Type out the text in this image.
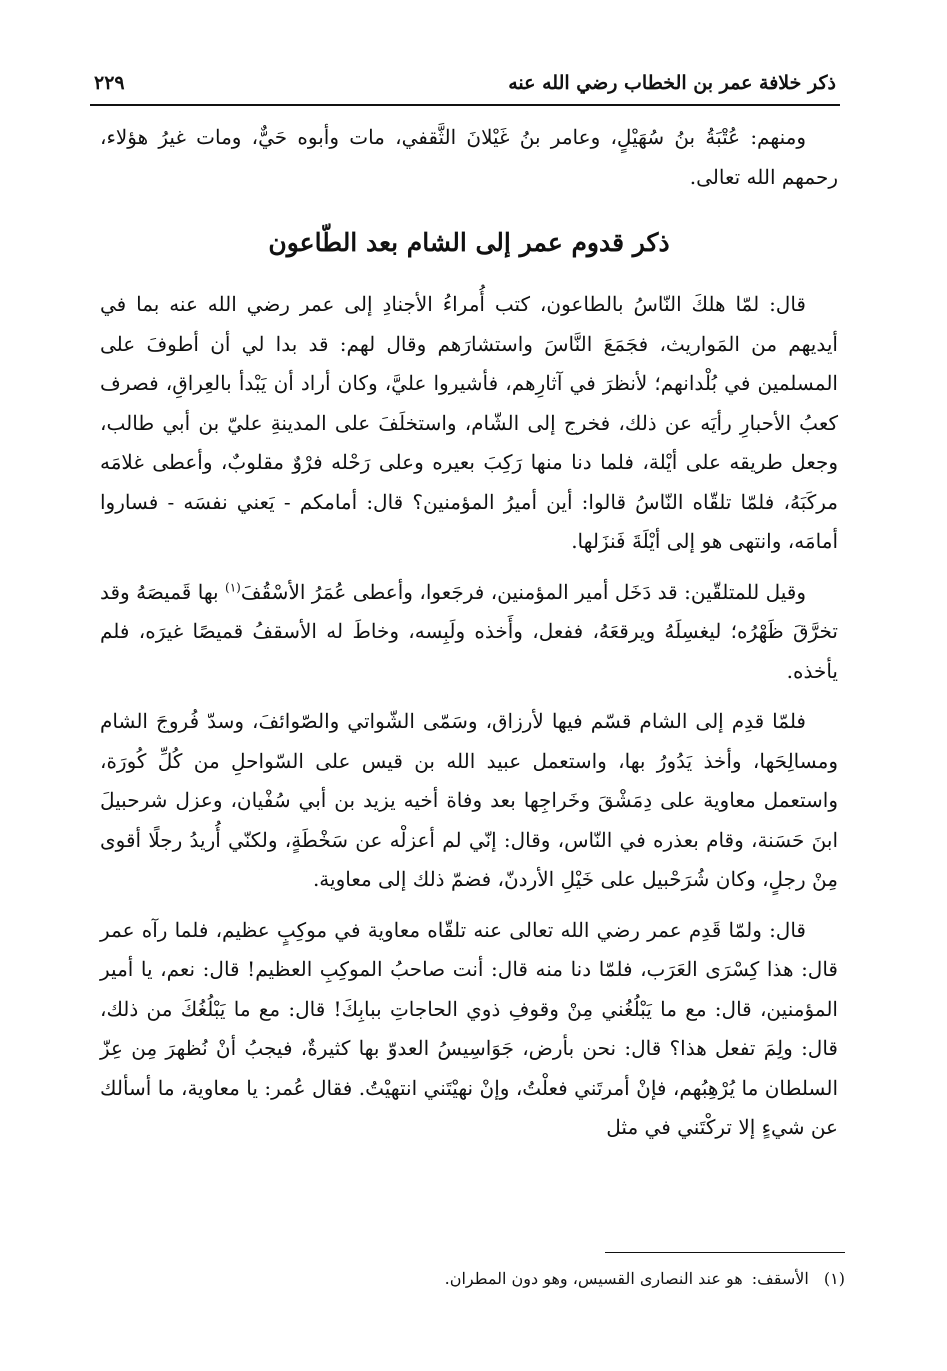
ذكر خلافة عمر بن الخطاب رضي الله عنه
٢٢٩

ومنهم: عُتْبَةُ بنُ سُهَيْلٍ، وعامر بنُ غَيْلانَ الثَّقفي، مات وأبوه حَيٌّ، ومات غيرُ هؤلاء، رحمهم الله تعالى.

ذكر قدوم عمر إلى الشام بعد الطّاعون

قال: لمّا هلكَ النّاسُ بالطاعون، كتب أُمراءُ الأجنادِ إلى عمر رضي الله عنه بما في أيديهم من المَواريث، فجَمَعَ النَّاسَ واستشارَهم وقال لهم: قد بدا لي أن أطوفَ على المسلمين في بُلْدانهم؛ لأنظرَ في آثارِهم، فأشيروا عليَّ، وكان أراد أن يَبْدأ بالعِراقِ، فصرف كعبُ الأحبارِ رأيَه عن ذلك، فخرج إلى الشّام، واستخلَفَ على المدينةِ عليّ بن أبي طالب، وجعل طريقه على أيْلة، فلما دنا منها رَكِبَ بعيره وعلى رَحْله فرْوٌ مقلوبٌ، وأعطى غلامَه مركَبَهُ، فلمّا تلقّاه النّاسُ قالوا: أين أميرُ المؤمنين؟ قال: أمامكم - يَعني نفسَه - فساروا أمامَه، وانتهى هو إلى أيْلَةَ فَنزَلها.

وقيل للمتلقّين: قد دَخَل أمير المؤمنين، فرجَعوا، وأعطى عُمَرُ الأسْقُفَ$^{(١)}$ بها قَميصَهُ وقد تخرَّقَ ظَهْرُه؛ ليغسِلَهُ ويرقعَهُ، ففعل، وأَخذه ولَبِسه، وخاطَ له الأسقفُ قميصًا غيرَه، فلم يأخذه.

فلمّا قدِم إلى الشام قسّم فيها لأرزاق، وسَمّى الشّواتي والصّوائفَ، وسدّ فُروجَ الشام ومسالِحَها، وأخذ يَدُورُ بها، واستعمل عبيد الله بن قيس على السّواحلِ من كُلِّ كُورَة، واستعمل معاوية على دِمَشْقَ وخَراجِها بعد وفاة أخيه يزيد بن أبي سُفْيان، وعزل شرحبيلَ ابنَ حَسَنة، وقام بعذره في النّاس، وقال: إنّي لم أعزلْه عن سَخْطَةٍ، ولكنّي أُريدُ رجلًا أقوى مِنْ رجلٍ، وكان شُرَحْبيل على خَيْلِ الأردنّ، فضمّ ذلك إلى معاوية.

قال: ولمّا قَدِم عمر رضي الله تعالى عنه تلقّاه معاوية في موكِبٍ عظيم، فلما رآه عمر قال: هذا كِسْرَى العَرَب، فلمّا دنا منه قال: أنت صاحبُ الموكِبِ العظيم! قال: نعم، يا أمير المؤمنين، قال: مع ما يَبْلُغُني مِنْ وقوفِ ذوي الحاجاتِ ببابِكَ! قال: مع ما يَبْلُغُكَ من ذلك، قال: ولِمَ تفعل هذا؟ قال: نحن بأرض، جَوَاسِيسُ العدوّ بها كثيرةٌ، فيجبُ أنْ نُظهرَ مِن عِزّ السلطان ما يُرْهِبُهم، فإنْ أمرتَني فعلْتُ، وإنْ نهيْتَني انتهيْتُ. فقال عُمر: يا معاوية، ما أسألك عن شيءٍ إلا تركْتَني في مثل

(١) الأسقف: هو عند النصارى القسيس، وهو دون المطران.
